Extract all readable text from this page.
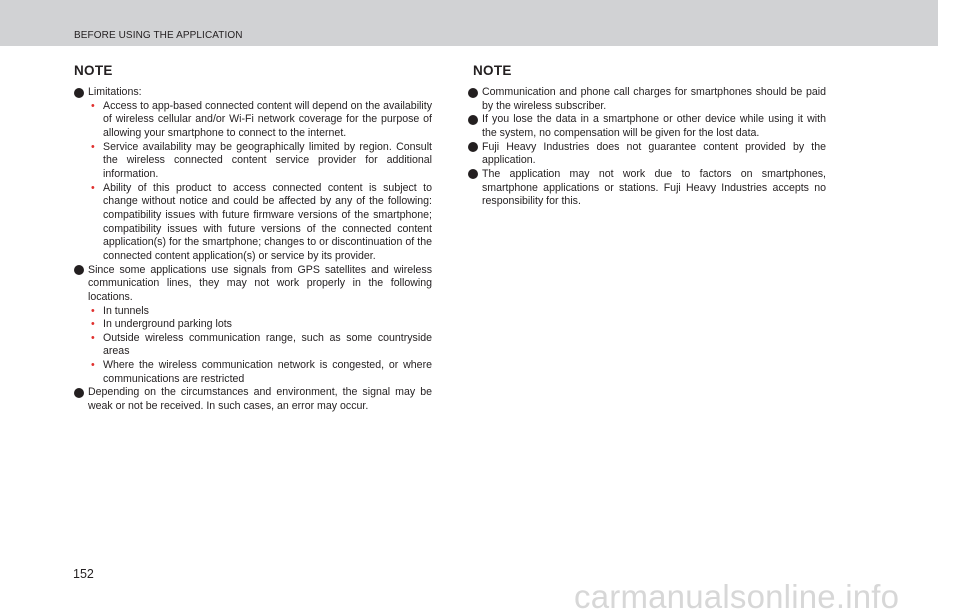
BEFORE USING THE APPLICATION
NOTE
Limitations:
• Access to app-based connected content will depend on the availability of wireless cellular and/or Wi-Fi network coverage for the purpose of allowing your smartphone to connect to the internet.
• Service availability may be geographically limited by region. Consult the wireless connected content service provider for additional information.
• Ability of this product to access connected content is subject to change without notice and could be affected by any of the following: compatibility issues with future firmware versions of the smartphone; compatibility issues with future versions of the connected content application(s) for the smartphone; changes to or discontinuation of the connected content application(s) or service by its provider.
Since some applications use signals from GPS satellites and wireless communication lines, they may not work properly in the following locations.
• In tunnels
• In underground parking lots
• Outside wireless communication range, such as some countryside areas
• Where the wireless communication network is congested, or where communications are restricted
Depending on the circumstances and environment, the signal may be weak or not be received. In such cases, an error may occur.
NOTE
Communication and phone call charges for smartphones should be paid by the wireless subscriber.
If you lose the data in a smartphone or other device while using it with the system, no compensation will be given for the lost data.
Fuji Heavy Industries does not guarantee content provided by the application.
The application may not work due to factors on smartphones, smartphone applications or stations. Fuji Heavy Industries accepts no responsibility for this.
152
carmanualsonline.info
